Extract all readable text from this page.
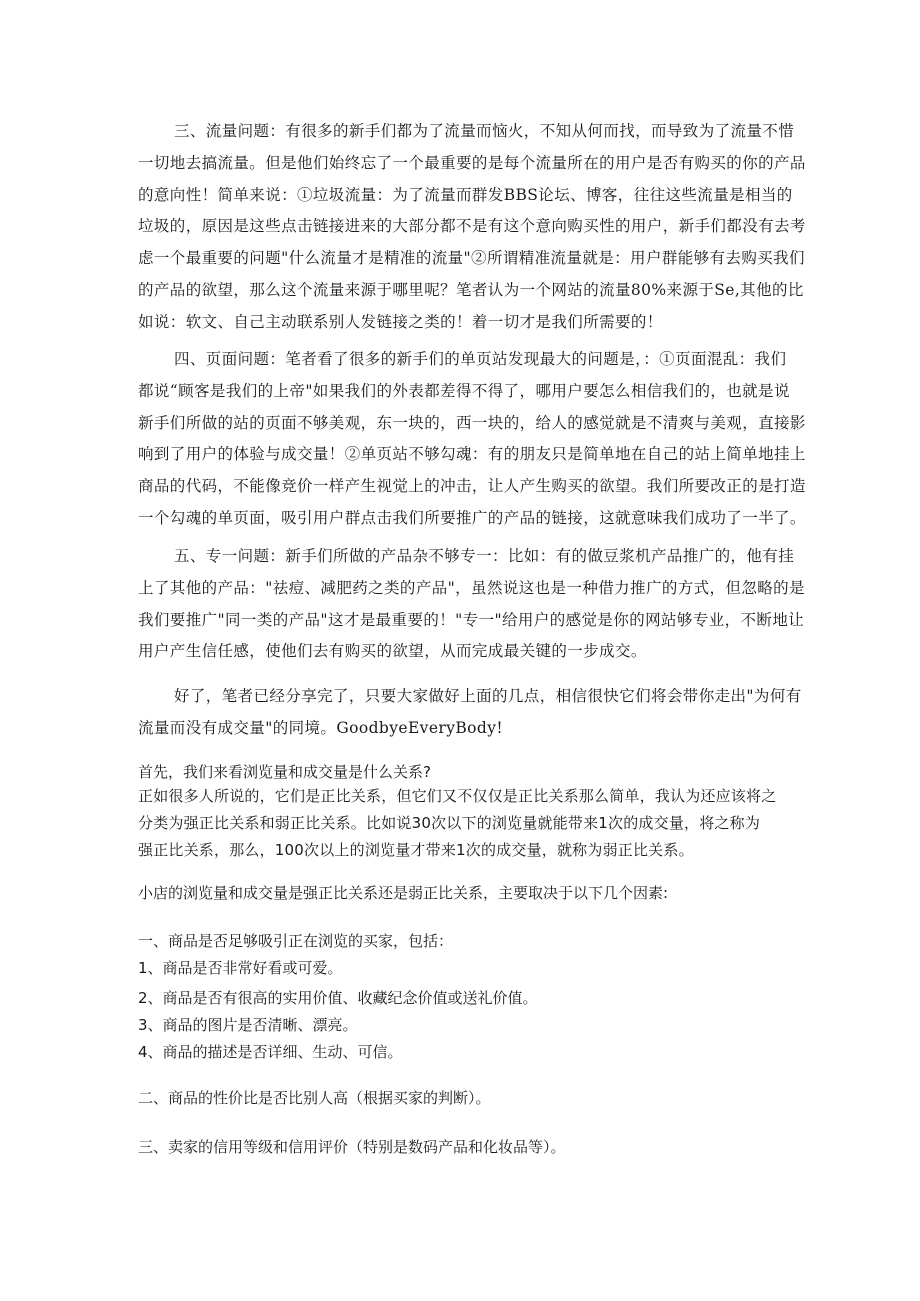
三、流量问题：有很多的新手们都为了流量而恼火，不知从何而找，而导致为了流量不惜

一切地去搞流量。但是他们始终忘了一个最重要的是每个流量所在的用户是否有购买的你的产品

的意向性！简单来说：①垃圾流量：为了流量而群发BBS论坛、博客，往往这些流量是相当的

垃圾的，原因是这些点击链接进来的大部分都不是有这个意向购买性的用户，新手们都没有去考

虑一个最重要的问题"什么流量才是精准的流量"②所谓精准流量就是：用户群能够有去购买我们

的产品的欲望，那么这个流量来源于哪里呢？笔者认为一个网站的流量80%来源于Se,其他的比

如说：软文、自己主动联系别人发链接之类的！着一切才是我们所需要的！

四、页面问题：笔者看了很多的新手们的单页站发现最大的问题是，：①页面混乱：我们

都说“顾客是我们的上帝"如果我们的外表都差得不得了，哪用户要怎么相信我们的，也就是说

新手们所做的站的页面不够美观，东一块的，西一块的，给人的感觉就是不清爽与美观，直接影

响到了用户的体验与成交量！②单页站不够勾魂：有的朋友只是简单地在自己的站上简单地挂上

商品的代码，不能像竞价一样产生视觉上的冲击，让人产生购买的欲望。我们所要改正的是打造

一个勾魂的单页面，吸引用户群点击我们所要推广的产品的链接，这就意味我们成功了一半了。

五、专一问题：新手们所做的产品杂不够专一：比如：有的做豆浆机产品推广的，他有挂

上了其他的产品："祛痘、减肥药之类的产品"，虽然说这也是一种借力推广的方式，但忽略的是

我们要推广"同一类的产品"这才是最重要的！"专一"给用户的感觉是你的网站够专业，不断地让

用户产生信任感，使他们去有购买的欲望，从而完成最关键的一步成交。

好了，笔者已经分享完了，只要大家做好上面的几点，相信很快它们将会带你走出"为何有

流量而没有成交量"的同境。GoodbyeEveryBody!

首先，我们来看浏览量和成交量是什么关系?

正如很多人所说的，它们是正比关系，但它们又不仅仅是正比关系那么简单，我认为还应该将之

分类为强正比关系和弱正比关系。比如说30次以下的浏览量就能带来1次的成交量，将之称为

强正比关系，那么，100次以上的浏览量才带来1次的成交量，就称为弱正比关系。

小店的浏览量和成交量是强正比关系还是弱正比关系，主要取决于以下几个因素:

一、商品是否足够吸引正在浏览的买家，包括：

1、商品是否非常好看或可爱。

2、商品是否有很高的实用价值、收藏纪念价值或送礼价值。

3、商品的图片是否清晰、漂亮。

4、商品的描述是否详细、生动、可信。

二、商品的性价比是否比别人高（根据买家的判断）。

三、卖家的信用等级和信用评价（特别是数码产品和化妆品等）。
